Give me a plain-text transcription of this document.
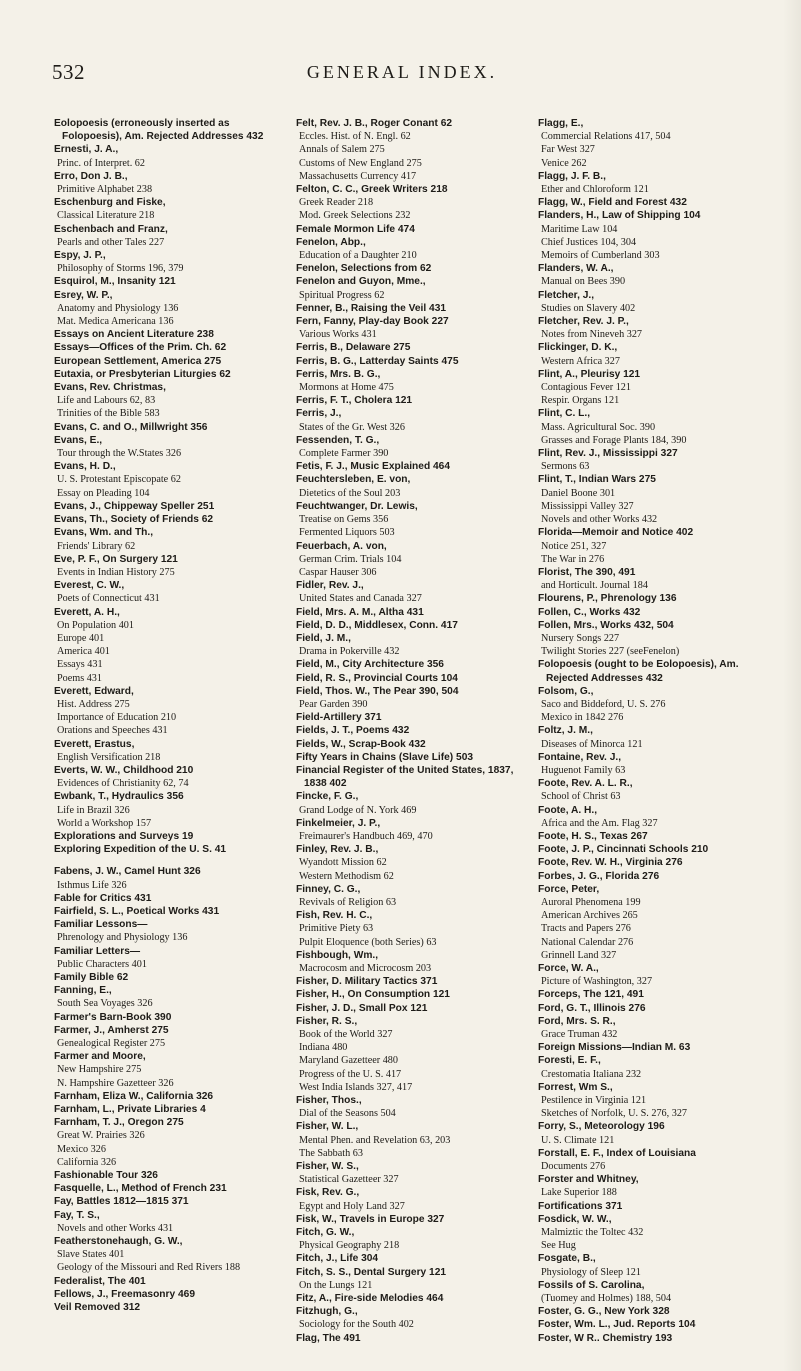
532	GENERAL INDEX.
Eolopoesis (erroneously inserted as Folopoesis), Am. Rejected Addresses 432
Ernesti, J. A.,
Princ. of Interpret. 62
Erro, Don J. B.,
Primitive Alphabet 238
Eschenburg and Fiske,
Classical Literature 218
Eschenbach and Franz,
Pearls and other Tales 227
Espy, J. P.,
Philosophy of Storms 196, 379
Esquirol, M., Insanity 121
Esrey, W. P.,
Anatomy and Physiology 136
Mat. Medica Americana 136
Essays on Ancient Literature 238
Essays—Offices of the Prim. Ch. 62
European Settlement, America 275
Eutaxia, or Presbyterian Liturgies 62
Evans, Rev. Christmas,
Life and Labours 62, 83
Trinities of the Bible 583
Evans, C. and O., Millwright 356
Evans, E.,
Tour through the W.States 326
Evans, H. D.,
U. S. Protestant Episcopate 62
Essay on Pleading 104
Evans, J., Chippeway Speller 251
Evans, Th., Society of Friends 62
Evans, Wm. and Th.,
Friends' Library 62
Eve, P. F., On Surgery 121
Events in Indian History 275
Everest, C. W.,
Poets of Connecticut 431
Everett, A. H.,
On Population 401
Europe 401
America 401
Essays 431
Poems 431
Everett, Edward,
Hist. Address 275
Importance of Education 210
Orations and Speeches 431
Everett, Erastus,
English Versification 218
Everts, W. W., Childhood 210
Evidences of Christianity 62, 74
Ewbank, T., Hydraulics 356
Life in Brazil 326
World a Workshop 157
Explorations and Surveys 19
Exploring Expedition of the U. S. 41
Fabens, J. W., Camel Hunt 326
Isthmus Life 326
Fable for Critics 431
Fairfield, S. L., Poetical Works 431
Familiar Lessons—
Phrenology and Physiology 136
Familiar Letters—
Public Characters 401
Family Bible 62
Fanning, E.,
South Sea Voyages 326
Farmer's Barn-Book 390
Farmer, J., Amherst 275
Genealogical Register 275
Farmer and Moore,
New Hampshire 275
N. Hampshire Gazetteer 326
Farnham, Eliza W., California 326
Farnham, L., Private Libraries 4
Farnham, T. J., Oregon 275
Great W. Prairies 326
Mexico 326
California 326
Fashionable Tour 326
Fasquelle, L., Method of French 231
Fay, Battles 1812—1815 371
Fay, T. S.,
Novels and other Works 431
Featherstonehaugh, G. W.,
Slave States 401
Geology of the Missouri and Red Rivers 188
Federalist, The 401
Fellows, J., Freemasonry 469
Veil Removed 312
Felt, Rev. J. B., Roger Conant 62
Eccles. Hist. of N. Engl. 62
Annals of Salem 275
Customs of New England 275
Massachusetts Currency 417
Felton, C. C., Greek Writers 218
Greek Reader 218
Mod. Greek Selections 232
Female Mormon Life 474
Fenelon, Abp.,
Education of a Daughter 210
Fenelon, Selections from 62
Fenelon and Guyon, Mme.,
Spiritual Progress 62
Fenner, B., Raising the Veil 431
Fern, Fanny, Play-day Book 227
Various Works 431
Ferris, B., Delaware 275
Ferris, B. G., Latterday Saints 475
Ferris, Mrs. B. G.,
Mormons at Home 475
Ferris, F. T., Cholera 121
Ferris, J.,
States of the Gr. West 326
Fessenden, T. G.,
Complete Farmer 390
Fetis, F. J., Music Explained 464
Feuchtersleben, E. von,
Dietetics of the Soul 203
Feuchtwanger, Dr. Lewis,
Treatise on Gems 356
Fermented Liquors 503
Feuerbach, A. von,
German Crim. Trials 104
Caspar Hauser 306
Fidler, Rev. J.,
United States and Canada 327
Field, Mrs. A. M., Altha 431
Field, D. D., Middlesex, Conn. 417
Field, J. M.,
Drama in Pokerville 432
Field, M., City Architecture 356
Field, R. S., Provincial Courts 104
Field, Thos. W., The Pear 390, 504
Pear Garden 390
Field-Artillery 371
Fields, J. T., Poems 432
Fields, W., Scrap-Book 432
Fifty Years in Chains (Slave Life) 503
Financial Register of the United States, 1837, 1838 402
Fincke, F. G.,
Grand Lodge of N. York 469
Finkelmeier, J. P.,
Freimaurer's Handbuch 469, 470
Finley, Rev. J. B.,
Wyandott Mission 62
Western Methodism 62
Finney, C. G.,
Revivals of Religion 63
Fish, Rev. H. C.,
Primitive Piety 63
Pulpit Eloquence (both Series) 63
Fishbough, Wm.,
Macrocosm and Microcosm 203
Fisher, D. Military Tactics 371
Fisher, H., On Consumption 121
Fisher, J. D., Small Pox 121
Fisher, R. S.,
Book of the World 327
Indiana 480
Maryland Gazetteer 480
Progress of the U. S. 417
West India Islands 327, 417
Fisher, Thos.,
Dial of the Seasons 504
Fisher, W. L.,
Mental Phen. and Revelation 63, 203
The Sabbath 63
Fisher, W. S.,
Statistical Gazetteer 327
Fisk, Rev. G.,
Egypt and Holy Land 327
Fisk, W., Travels in Europe 327
Fitch, G. W.,
Physical Geography 218
Fitch, J., Life 304
Fitch, S. S., Dental Surgery 121
On the Lungs 121
Fitz, A., Fire-side Melodies 464
Fitzhugh, G.,
Sociology for the South 402
Flag, The 491
Flagg, E.,
Commercial Relations 417, 504
Far West 327
Venice 262
Flagg, J. F. B.,
Ether and Chloroform 121
Flagg, W., Field and Forest 432
Flanders, H., Law of Shipping 104
Maritime Law 104
Chief Justices 104, 304
Memoirs of Cumberland 303
Flanders, W. A.,
Manual on Bees 390
Fletcher, J.,
Studies on Slavery 402
Fletcher, Rev. J. P.,
Notes from Nineveh 327
Flickinger, D. K.,
Western Africa 327
Flint, A., Pleurisy 121
Contagious Fever 121
Respir. Organs 121
Flint, C. L.,
Mass. Agricultural Soc. 390
Grasses and Forage Plants 184, 390
Flint, Rev. J., Mississippi 327
Sermons 63
Flint, T., Indian Wars 275
Daniel Boone 301
Mississippi Valley 327
Novels and other Works 432
Florida—Memoir and Notice 402
Notice 251, 327
The War in 276
Florist, The 390, 491
and Horticult. Journal 184
Flourens, P., Phrenology 136
Follen, C., Works 432
Follen, Mrs., Works 432, 504
Nursery Songs 227
Twilight Stories 227 (seeFenelon)
Folopoesis (ought to be Eolopoesis), Am. Rejected Addresses 432
Folsom, G.,
Saco and Biddeford, U. S. 276
Mexico in 1842 276
Foltz, J. M.,
Diseases of Minorca 121
Fontaine, Rev. J.,
Huguenot Family 63
Foote, Rev. A. L. R.,
School of Christ 63
Foote, A. H.,
Africa and the Am. Flag 327
Foote, H. S., Texas 267
Foote, J. P., Cincinnati Schools 210
Foote, Rev. W. H., Virginia 276
Forbes, J. G., Florida 276
Force, Peter,
Auroral Phenomena 199
American Archives 265
Tracts and Papers 276
National Calendar 276
Grinnell Land 327
Force, W. A.,
Picture of Washington, 327
Forceps, The 121, 491
Ford, G. T., Illinois 276
Ford, Mrs. S. R.,
Grace Truman 432
Foreign Missions—Indian M. 63
Foresti, E. F.,
Crestomatia Italiana 232
Forrest, Wm S.,
Pestilence in Virginia 121
Sketches of Norfolk, U. S. 276, 327
Forry, S., Meteorology 196
U. S. Climate 121
Forstall, E. F., Index of Louisiana
Documents 276
Forster and Whitney,
Lake Superior 188
Fortifications 371
Fosdick, W. W.,
Malmiztic the Toltec 432
See Hug
Fosgate, B.,
Physiology of Sleep 121
Fossils of S. Carolina,
(Tuomey and Holmes) 188, 504
Foster, G. G., New York 328
Foster, Wm. L., Jud. Reports 104
Foster, W R.. Chemistry 193
